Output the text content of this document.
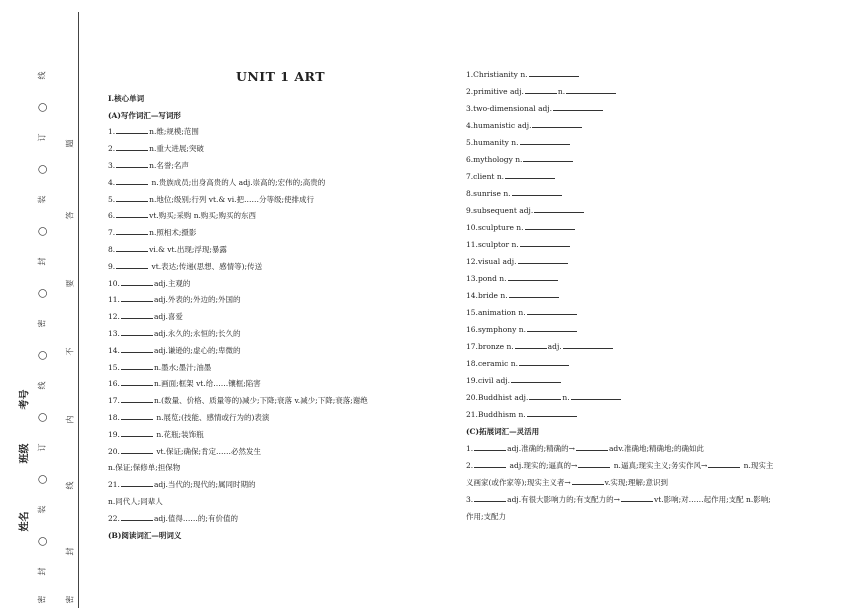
线
○
订
○
装
○
封
○
密
○
线
○
订
○
装
○
封
密
题
答
要
不
内
线
封
密
考号
班级
姓名
UNIT 1 ART
Ⅰ.核心单词
(A)写作词汇—写词形
1.	n.维;规模;范围
2.	n.重大进展;突破
3.	n.名誉;名声
4.	n.贵族成员;出身高贵的人 adj.崇高的;宏伟的;高贵的
5.	n.地位;级别;行列 vt.& vi.把……分等级;使排成行
6.	vt.购买;采购 n.购买;购买的东西
7.	n.照相术;摄影
8.	vi.& vt.出现;浮现;暴露
9.	vt.表达;传递(思想、感情等);传送
10.	adj.主观的
11.	adj.外表的;外边的;外国的
12.	adj.喜爱
13.	adj.永久的;永恒的;长久的
14.	adj.谦逊的;虚心的;卑微的
15.	n.墨水;墨汁;油墨
16.	n.画面;框架 vt.给……镶框;陷害
17.	n.(数量、价格、质量等的)减少;下降;衰落 v.减少;下降;衰落;谢绝
18.	n.展览;(技能、感情或行为的)表演
19.	n.花瓶;装饰瓶
20.	vt.保证;确保;肯定……必然发生
n.保证;保修单;担保物
21.	adj.当代的;现代的;属同时期的
n.同代人;同辈人
22.	adj.值得……的;有价值的
(B)阅读词汇—明词义
1.Christianity n.
2.primitive adj.	n.
3.two-dimensional adj.
4.humanistic adj.
5.humanity n.
6.mythology n.
7.client n.
8.sunrise n.
9.subsequent adj.
10.sculpture n.
11.sculptor n.
12.visual adj.
13.pond n.
14.bride n.
15.animation n.
16.symphony n.
17.bronze n.	adj.
18.ceramic n.
19.civil adj.
20.Buddhist adj.	n.
21.Buddhism n.
(C)拓展词汇—灵活用
1.	adj.准确的;精确的→	adv.准确地;精确地;的确如此
2.	adj.现实的;逼真的→	n.逼真;现实主义;务实作风→	n.现实主
义画家(或作家等);现实主义者→	v.实现;理解;意识到
3.	adj.有很大影响力的;有支配力的→	vt.影响;对……起作用;支配 n.影响;
作用;支配力
